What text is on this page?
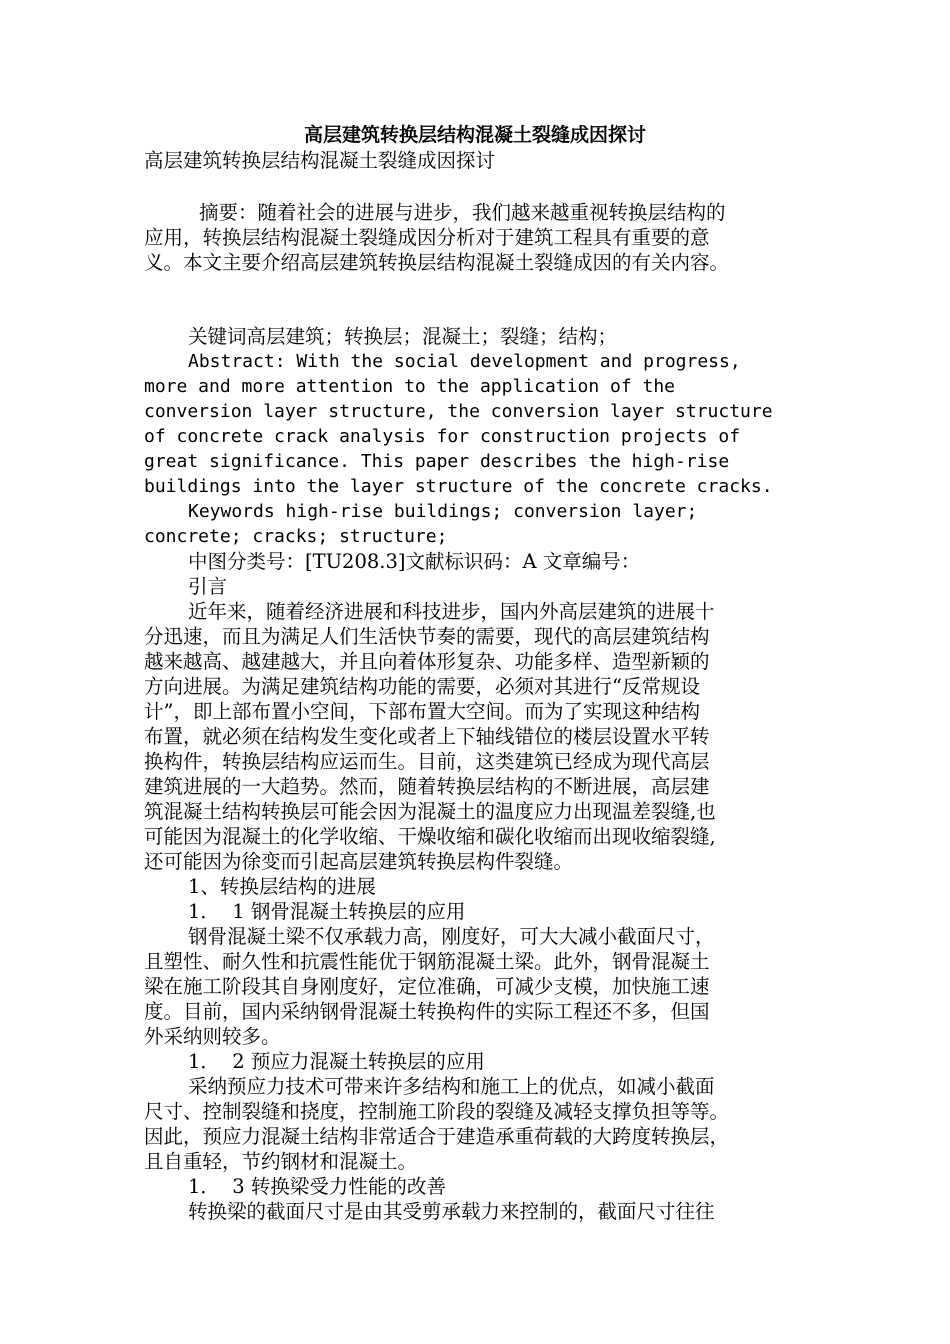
高层建筑转换层结构混凝土裂缝成因探讨
高层建筑转换层结构混凝土裂缝成因探讨
摘要：随着社会的进展与进步，我们越来越重视转换层结构的
应用，转换层结构混凝土裂缝成因分析对于建筑工程具有重要的意
义。本文主要介绍高层建筑转换层结构混凝土裂缝成因的有关内容。
关键词高层建筑；转换层；混凝土；裂缝；结构；
Abstract: With the social development and progress,
more and more attention to the application of the
conversion layer structure, the conversion layer structure
of concrete crack analysis for construction projects of
great significance. This paper describes the high-rise
buildings into the layer structure of the concrete cracks.
Keywords high-rise buildings; conversion layer;
concrete; cracks; structure;
中图分类号：[TU208.3]文献标识码：A 文章编号：
引言
近年来，随着经济进展和科技进步，国内外高层建筑的进展十
分迅速，而且为满足人们生活快节奏的需要，现代的高层建筑结构
越来越高、越建越大，并且向着体形复杂、功能多样、造型新颖的
方向进展。为满足建筑结构功能的需要，必须对其进行“反常规设
计”，即上部布置小空间，下部布置大空间。而为了实现这种结构
布置，就必须在结构发生变化或者上下轴线错位的楼层设置水平转
换构件，转换层结构应运而生。目前，这类建筑已经成为现代高层
建筑进展的一大趋势。然而，随着转换层结构的不断进展，高层建
筑混凝土结构转换层可能会因为混凝土的温度应力出现温差裂缝,也
可能因为混凝土的化学收缩、干燥收缩和碳化收缩而出现收缩裂缝,
还可能因为徐变而引起高层建筑转换层构件裂缝。
1、转换层结构的进展
1．  1 钢骨混凝土转换层的应用
钢骨混凝土梁不仅承载力高，刚度好，可大大减小截面尺寸，
且塑性、耐久性和抗震性能优于钢筋混凝土梁。此外，钢骨混凝土
梁在施工阶段其自身刚度好，定位准确，可减少支模，加快施工速
度。目前，国内采纳钢骨混凝土转换构件的实际工程还不多，但国
外采纳则较多。
1．  2 预应力混凝土转换层的应用
采纳预应力技术可带来许多结构和施工上的优点，如减小截面
尺寸、控制裂缝和挠度，控制施工阶段的裂缝及减轻支撑负担等等。
因此，预应力混凝土结构非常适合于建造承重荷载的大跨度转换层，
且自重轻，节约钢材和混凝土。
1．  3 转换梁受力性能的改善
转换梁的截面尺寸是由其受剪承载力来控制的，截面尺寸往往
